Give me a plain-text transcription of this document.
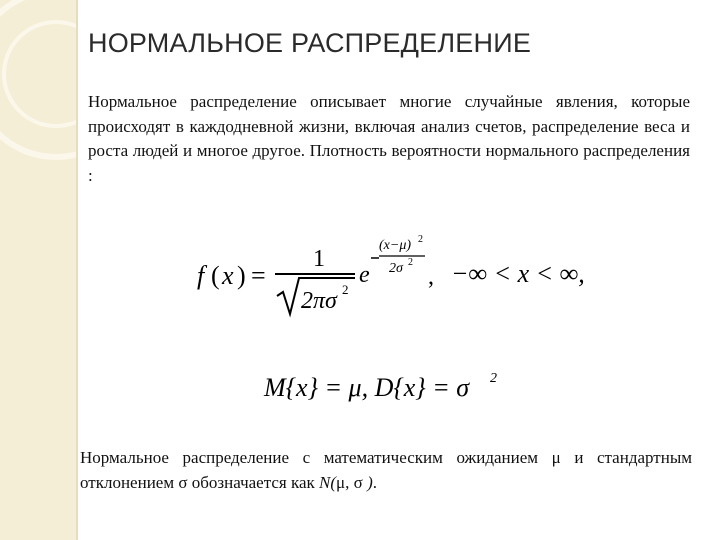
НОРМАЛЬНОЕ РАСПРЕДЕЛЕНИЕ
Нормальное распределение описывает многие случайные явления, которые происходят в каждодневной жизни, включая анализ счетов, распределение веса и роста людей и многое другое. Плотность вероятности нормального распределения :
f ( x ) =
1
2πσ 2
e
(x−μ) 2
2σ 2
, −∞ < x < ∞,
M{x} = μ, D{x} = σ 2
Нормальное распределение с математическим ожиданием μ и стандартным отклонением σ обозначается как N(μ, σ ).
